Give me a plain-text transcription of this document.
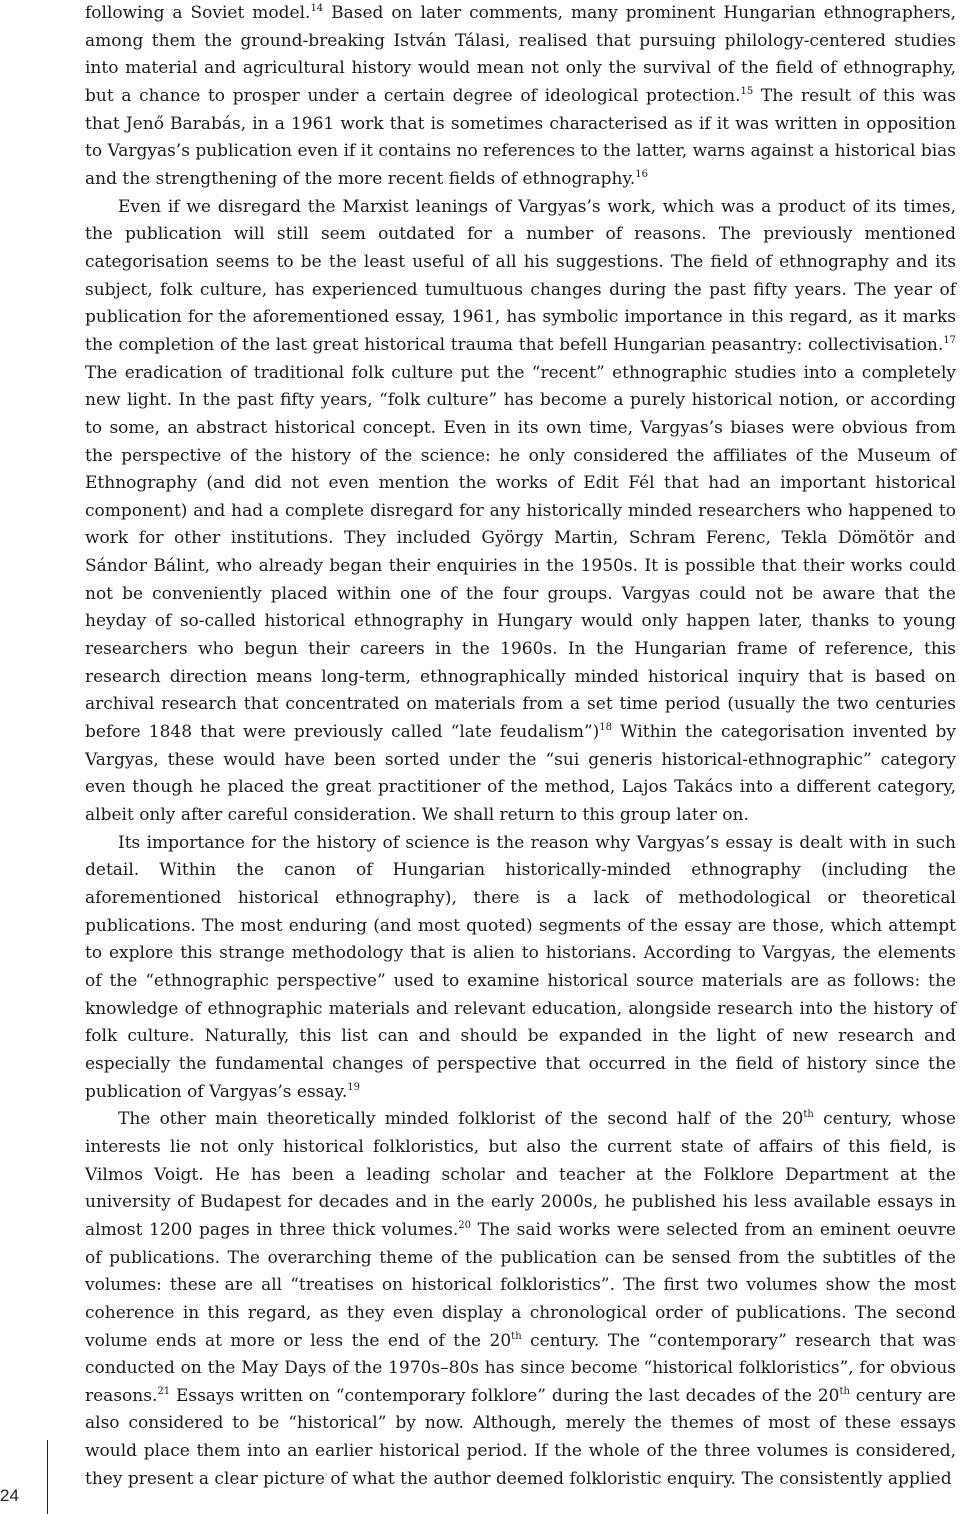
following a Soviet model.$^{14}$ Based on later comments, many prominent Hungarian ethnographers, among them the ground-breaking István Tálasi, realised that pursuing philology-centered studies into material and agricultural history would mean not only the survival of the field of ethnography, but a chance to prosper under a certain degree of ideological protection.$^{15}$ The result of this was that Jenő Barabás, in a 1961 work that is sometimes characterised as if it was written in opposition to Vargyas’s publication even if it contains no references to the latter, warns against a historical bias and the strengthening of the more recent fields of ethnography.$^{16}$

Even if we disregard the Marxist leanings of Vargyas’s work, which was a product of its times, the publication will still seem outdated for a number of reasons. The previously mentioned categorisation seems to be the least useful of all his suggestions. The field of ethnography and its subject, folk culture, has experienced tumultuous changes during the past fifty years. The year of publication for the aforementioned essay, 1961, has symbolic importance in this regard, as it marks the completion of the last great historical trauma that befell Hungarian peasantry: collectivisation.$^{17}$ The eradication of traditional folk culture put the “recent” ethnographic studies into a completely new light. In the past fifty years, “folk culture” has become a purely historical notion, or according to some, an abstract historical concept. Even in its own time, Vargyas’s biases were obvious from the perspective of the history of the science: he only considered the affiliates of the Museum of Ethnography (and did not even mention the works of Edit Fél that had an important historical component) and had a complete disregard for any historically minded researchers who happened to work for other institutions. They included György Martin, Schram Ferenc, Tekla Dömötör and Sándor Bálint, who already began their enquiries in the 1950s. It is possible that their works could not be conveniently placed within one of the four groups. Vargyas could not be aware that the heyday of so-called historical ethnography in Hungary would only happen later, thanks to young researchers who begun their careers in the 1960s. In the Hungarian frame of reference, this research direction means long-term, ethnographically minded historical inquiry that is based on archival research that concentrated on materials from a set time period (usually the two centuries before 1848 that were previously called “late feudalism”)$^{18}$ Within the categorisation invented by Vargyas, these would have been sorted under the “sui generis historical-ethnographic” category even though he placed the great practitioner of the method, Lajos Takács into a different category, albeit only after careful consideration. We shall return to this group later on.

Its importance for the history of science is the reason why Vargyas’s essay is dealt with in such detail. Within the canon of Hungarian historically-minded ethnography (including the aforementioned historical ethnography), there is a lack of methodological or theoretical publications. The most enduring (and most quoted) segments of the essay are those, which attempt to explore this strange methodology that is alien to historians. According to Vargyas, the elements of the “ethnographic perspective” used to examine historical source materials are as follows: the knowledge of ethnographic materials and relevant education, alongside research into the history of folk culture. Naturally, this list can and should be expanded in the light of new research and especially the fundamental changes of perspective that occurred in the field of history since the publication of Vargyas’s essay.$^{19}$

The other main theoretically minded folklorist of the second half of the 20th century, whose interests lie not only historical folkloristics, but also the current state of affairs of this field, is Vilmos Voigt. He has been a leading scholar and teacher at the Folklore Department at the university of Budapest for decades and in the early 2000s, he published his less available essays in almost 1200 pages in three thick volumes.$^{20}$ The said works were selected from an eminent oeuvre of publications. The overarching theme of the publication can be sensed from the subtitles of the volumes: these are all “treatises on historical folkloristics”. The first two volumes show the most coherence in this regard, as they even display a chronological order of publications. The second volume ends at more or less the end of the 20th century. The “contemporary” research that was conducted on the May Days of the 1970s–80s has since become “historical folkloristics”, for obvious reasons.$^{21}$ Essays written on “contemporary folklore” during the last decades of the 20th century are also considered to be “historical” by now. Although, merely the themes of most of these essays would place them into an earlier historical period. If the whole of the three volumes is considered, they present a clear picture of what the author deemed folkloristic enquiry. The consistently applied

24
